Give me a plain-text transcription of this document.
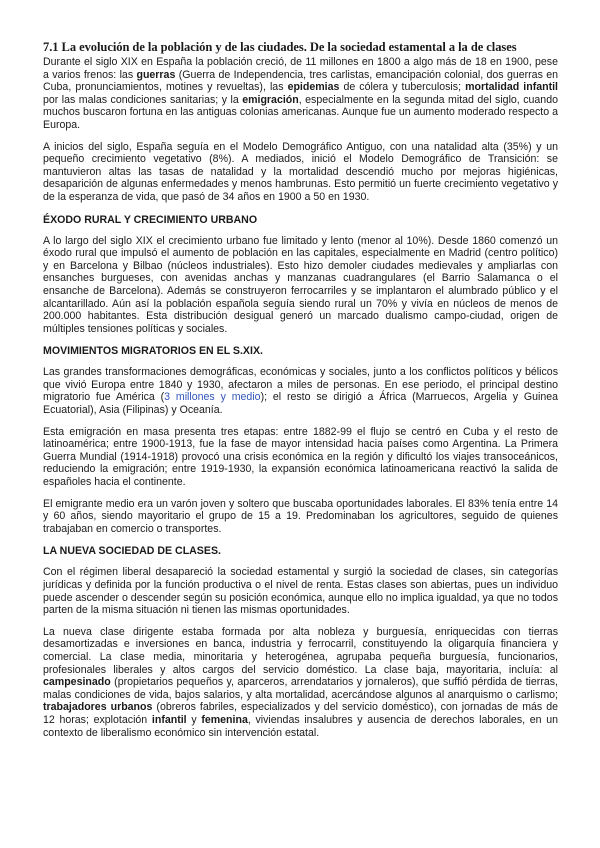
7.1 La evolución de la población y de las ciudades. De la sociedad estamental a la de clases

Durante el siglo XIX en España la población creció, de 11 millones en 1800 a algo más de 18 en 1900, pese a varios frenos: las guerras (Guerra de Independencia, tres carlistas, emancipación colonial, dos guerras en Cuba, pronunciamientos, motines y revueltas), las epidemias de cólera y tuberculosis; mortalidad infantil por las malas condiciones sanitarias; y la emigración, especialmente en la segunda mitad del siglo, cuando muchos buscaron fortuna en las antiguas colonias americanas. Aunque fue un aumento moderado respecto a Europa.

A inicios del siglo, España seguía en el Modelo Demográfico Antiguo, con una natalidad alta (35%) y un pequeño crecimiento vegetativo (8%). A mediados, inició el Modelo Demográfico de Transición: se mantuvieron altas las tasas de natalidad y la mortalidad descendió mucho por mejoras higiénicas, desaparición de algunas enfermedades y menos hambrunas. Esto permitió un fuerte crecimiento vegetativo y de la esperanza de vida, que pasó de 34 años en 1900 a 50 en 1930.

ÉXODO RURAL Y CRECIMIENTO URBANO

A lo largo del siglo XIX el crecimiento urbano fue limitado y lento (menor al 10%). Desde 1860 comenzó un éxodo rural que impulsó el aumento de población en las capitales, especialmente en Madrid (centro político) y en Barcelona y Bilbao (núcleos industriales). Esto hizo demoler ciudades medievales y ampliarlas con ensanches burgueses, con avenidas anchas y manzanas cuadrangulares (el Barrio Salamanca o el ensanche de Barcelona). Además se construyeron ferrocarriles y se implantaron el alumbrado público y el alcantarillado. Aún así la población española seguía siendo rural un 70% y vivía en núcleos de menos de 200.000 habitantes. Esta distribución desigual generó un marcado dualismo campo-ciudad, origen de múltiples tensiones políticas y sociales.

MOVIMIENTOS MIGRATORIOS EN EL S.XIX.

Las grandes transformaciones demográficas, económicas y sociales, junto a los conflictos políticos y bélicos que vivió Europa entre 1840 y 1930, afectaron a miles de personas. En ese periodo, el principal destino migratorio fue América (3 millones y medio); el resto se dirigió a África (Marruecos, Argelia y Guinea Ecuatorial), Asia (Filipinas) y Oceanía.

Esta emigración en masa presenta tres etapas: entre 1882-99 el flujo se centró en Cuba y el resto de latinoamérica; entre 1900-1913, fue la fase de mayor intensidad hacia países como Argentina. La Primera Guerra Mundial (1914-1918) provocó una crisis económica en la región y dificultó los viajes transoceánicos, reduciendo la emigración; entre 1919-1930, la expansión económica latinoamericana reactivó la salida de españoles hacia el continente.

El emigrante medio era un varón joven y soltero que buscaba oportunidades laborales. El 83% tenía entre 14 y 60 años, siendo mayoritario el grupo de 15 a 19. Predominaban los agricultores, seguido de quienes trabajaban en comercio o transportes.

LA NUEVA SOCIEDAD DE CLASES.

Con el régimen liberal desapareció la sociedad estamental y surgió la sociedad de clases, sin categorías jurídicas y definida por la función productiva o el nivel de renta. Estas clases son abiertas, pues un individuo puede ascender o descender según su posición económica, aunque ello no implica igualdad, ya que no todos parten de la misma situación ni tienen las mismas oportunidades.

La nueva clase dirigente estaba formada por alta nobleza y burguesía, enriquecidas con tierras desamortizadas e inversiones en banca, industria y ferrocarril, constituyendo la oligarquía financiera y comercial. La clase media, minoritaria y heterogénea, agrupaba pequeña burguesía, funcionarios, profesionales liberales y altos cargos del servicio doméstico. La clase baja, mayoritaria, incluía: al campesinado (propietarios pequeños y, aparceros, arrendatarios y jornaleros), que suffió pérdida de tierras, malas condiciones de vida, bajos salarios, y alta mortalidad, acercándose algunos al anarquismo o carlismo; trabajadores urbanos (obreros fabriles, especializados y del servicio doméstico), con jornadas de más de 12 horas; explotación infantil y femenina, viviendas insalubres y ausencia de derechos laborales, en un contexto de liberalismo económico sin intervención estatal.
